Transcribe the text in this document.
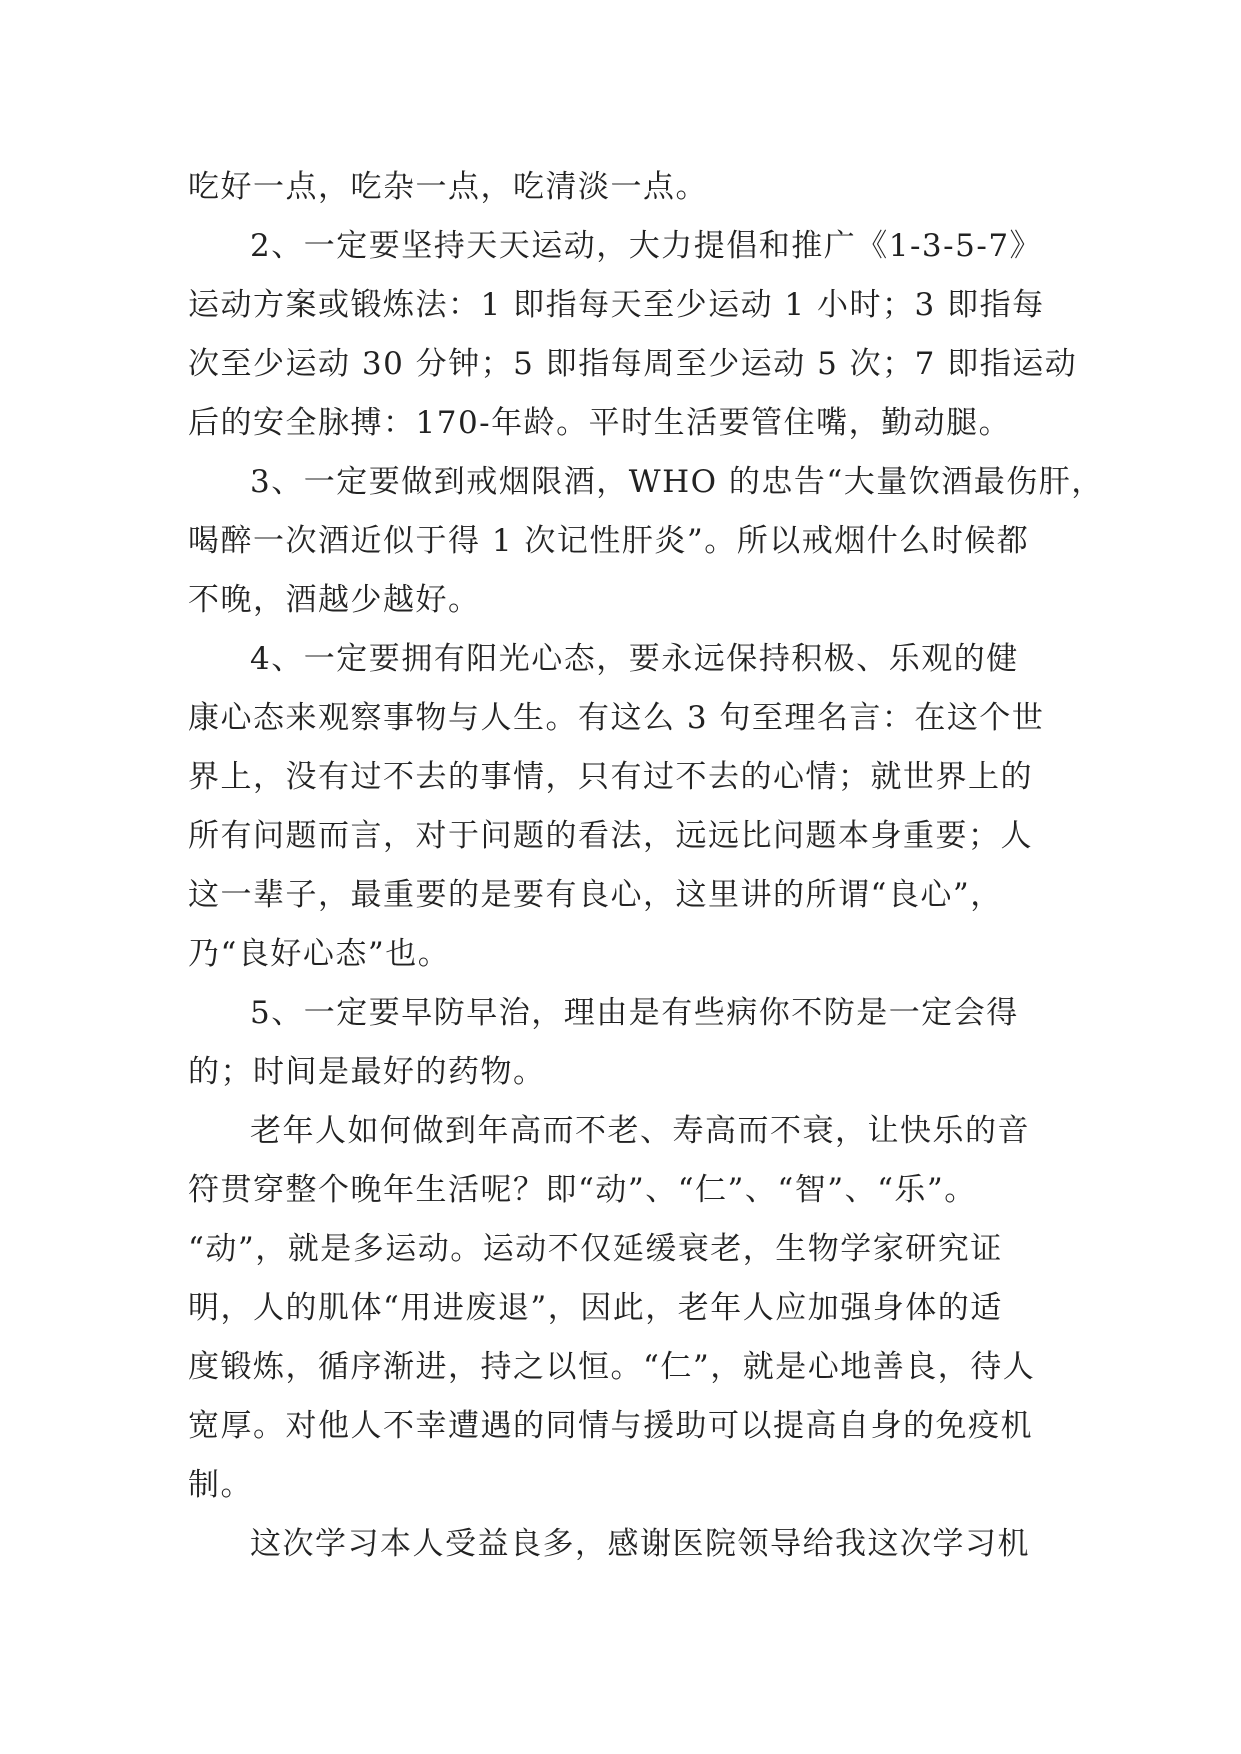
吃好一点，吃杂一点，吃清淡一点。
2、一定要坚持天天运动，大力提倡和推广《1-3-5-7》
运动方案或锻炼法：1 即指每天至少运动 1 小时；3 即指每
次至少运动 30 分钟；5 即指每周至少运动 5 次；7 即指运动
后的安全脉搏：170-年龄。平时生活要管住嘴，勤动腿。
3、一定要做到戒烟限酒，WHO 的忠告“大量饮酒最伤肝，
喝醉一次酒近似于得 1 次记性肝炎”。所以戒烟什么时候都
不晚，酒越少越好。
4、一定要拥有阳光心态，要永远保持积极、乐观的健
康心态来观察事物与人生。有这么 3 句至理名言：在这个世
界上，没有过不去的事情，只有过不去的心情；就世界上的
所有问题而言，对于问题的看法，远远比问题本身重要；人
这一辈子，最重要的是要有良心，这里讲的所谓“良心”，
乃“良好心态”也。
5、一定要早防早治，理由是有些病你不防是一定会得
的；时间是最好的药物。
老年人如何做到年高而不老、寿高而不衰，让快乐的音
符贯穿整个晚年生活呢？即“动”、“仁”、“智”、“乐”。
“动”，就是多运动。运动不仅延缓衰老，生物学家研究证
明，人的肌体“用进废退”，因此，老年人应加强身体的适
度锻炼，循序渐进，持之以恒。“仁”，就是心地善良，待人
宽厚。对他人不幸遭遇的同情与援助可以提高自身的免疫机
制。
这次学习本人受益良多，感谢医院领导给我这次学习机
